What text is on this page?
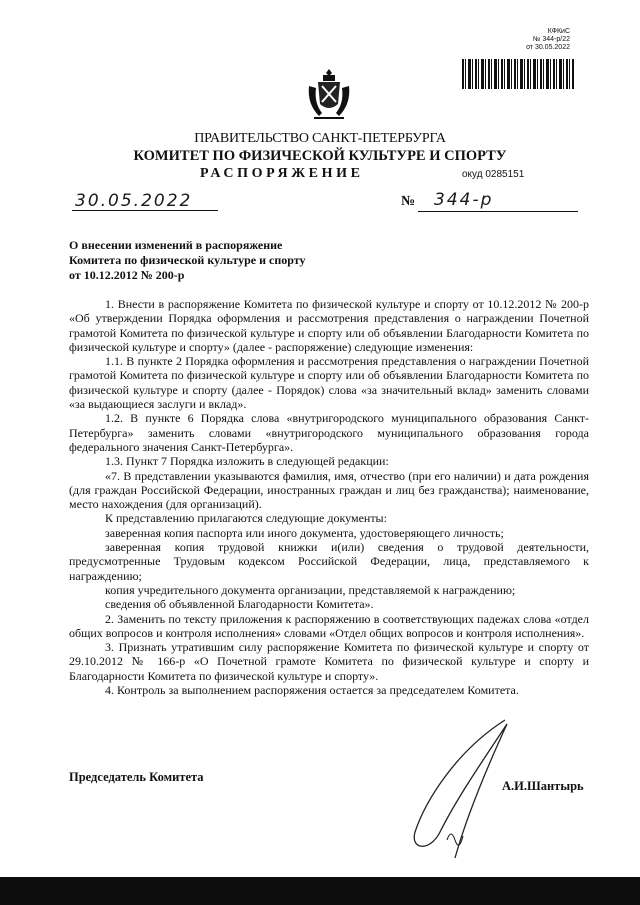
КФКиС
№ 344-р/22
от 30.05.2022
ПРАВИТЕЛЬСТВО САНКТ-ПЕТЕРБУРГА
КОМИТЕТ ПО ФИЗИЧЕСКОЙ КУЛЬТУРЕ И СПОРТУ
РАСПОРЯЖЕНИЕ	окуд 0285151
30.05.2022	№ 344-р
О внесении изменений в распоряжение
Комитета по физической культуре и спорту
от 10.12.2012 № 200-р

1. Внести в распоряжение Комитета по физической культуре и спорту от 10.12.2012 № 200-р «Об утверждении Порядка оформления и рассмотрения представления о награждении Почетной грамотой Комитета по физической культуре и спорту или об объявлении Благодарности Комитета по физической культуре и спорту» (далее - распоряжение) следующие изменения:

1.1. В пункте 2 Порядка оформления и рассмотрения представления о награждении Почетной грамотой Комитета по физической культуре и спорту или об объявлении Благодарности Комитета по физической культуре и спорту (далее - Порядок) слова «за значительный вклад» заменить словами «за выдающиеся заслуги и вклад».

1.2. В пункте 6 Порядка слова «внутригородского муниципального образования Санкт-Петербурга» заменить словами «внутригородского муниципального образования города федерального значения Санкт-Петербурга».

1.3. Пункт 7 Порядка изложить в следующей редакции:

«7. В представлении указываются фамилия, имя, отчество (при его наличии) и дата рождения (для граждан Российской Федерации, иностранных граждан и лиц без гражданства); наименование, место нахождения (для организаций).

К представлению прилагаются следующие документы:

заверенная копия паспорта или иного документа, удостоверяющего личность;

заверенная копия трудовой книжки и(или) сведения о трудовой деятельности, предусмотренные Трудовым кодексом Российской Федерации, лица, представляемого к награждению;

копия учредительного документа организации, представляемой к награждению;

сведения об объявленной Благодарности Комитета».

2. Заменить по тексту приложения к распоряжению в соответствующих падежах слова «отдел общих вопросов и контроля исполнения» словами «Отдел общих вопросов и контроля исполнения».

3. Признать утратившим силу распоряжение Комитета по физической культуре и спорту от 29.10.2012 № 166-р «О Почетной грамоте Комитета по физической культуре и спорту и Благодарности Комитета по физической культуре и спорту».

4. Контроль за выполнением распоряжения остается за председателем Комитета.

Председатель Комитета
А.И.Шантырь
